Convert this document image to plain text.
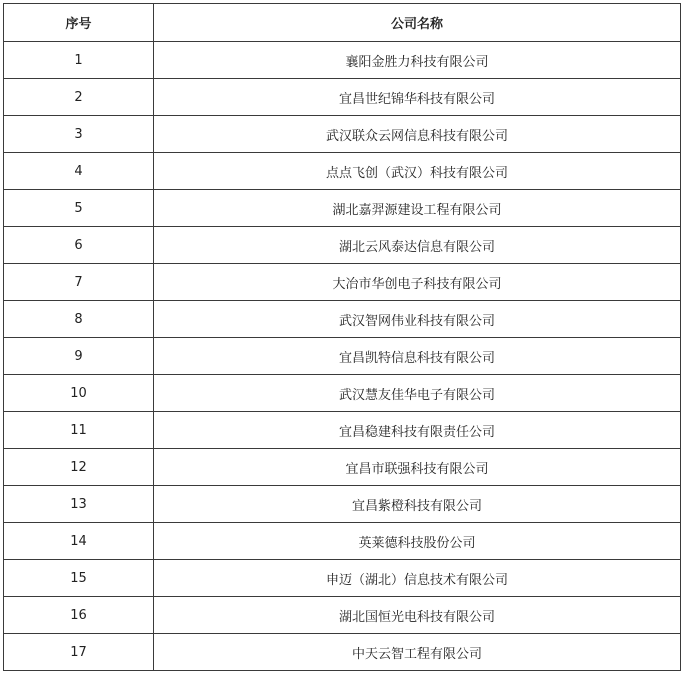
序号	公司名称
1	襄阳金胜力科技有限公司
2	宜昌世纪锦华科技有限公司
3	武汉联众云网信息科技有限公司
4	点点飞创（武汉）科技有限公司
5	湖北嘉羿源建设工程有限公司
6	湖北云风泰达信息有限公司
7	大冶市华创电子科技有限公司
8	武汉智网伟业科技有限公司
9	宜昌凯特信息科技有限公司
10	武汉慧友佳华电子有限公司
11	宜昌稳建科技有限责任公司
12	宜昌市联强科技有限公司
13	宜昌紫橙科技有限公司
14	英莱德科技股份公司
15	申迈（湖北）信息技术有限公司
16	湖北国恒光电科技有限公司
17	中天云智工程有限公司
